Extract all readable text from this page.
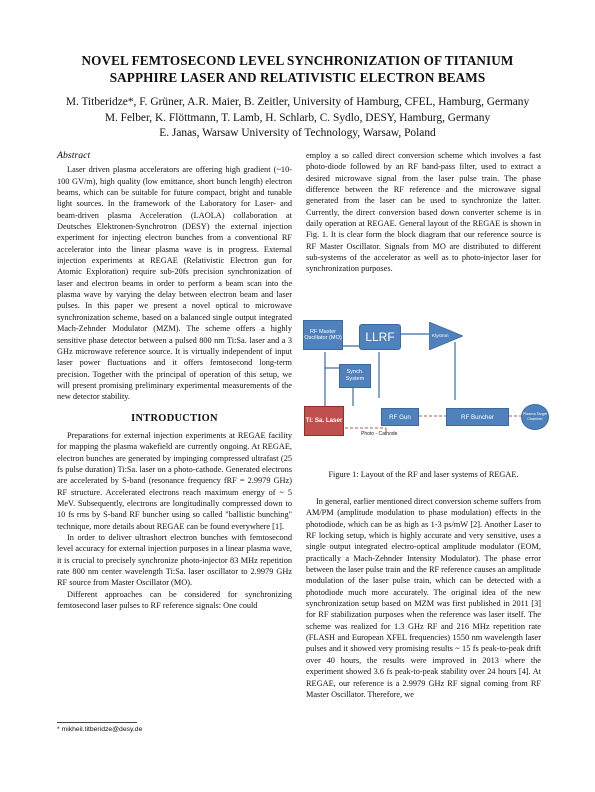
NOVEL FEMTOSECOND LEVEL SYNCHRONIZATION OF TITANIUM
SAPPHIRE LASER AND RELATIVISTIC ELECTRON BEAMS
M. Titberidze*, F. Grüner, A.R. Maier, B. Zeitler, University of Hamburg, CFEL, Hamburg, Germany
M. Felber, K. Flöttmann, T. Lamb, H. Schlarb, C. Sydlo, DESY, Hamburg, Germany
E. Janas, Warsaw University of Technology, Warsaw, Poland
Abstract

Laser driven plasma accelerators are offering high gradient (~10-100 GV/m), high quality (low emittance, short bunch length) electron beams, which can be suitable for future compact, bright and tunable light sources. In the framework of the Laboratory for Laser- and beam-driven plasma Acceleration (LAOLA) collaboration at Deutsches Elektronen-Synchrotron (DESY) the external injection experiment for injecting electron bunches from a conventional RF accelerator into the linear plasma wave is in progress. External injection experiments at REGAE (Relativistic Electron gun for Atomic Exploration) require sub-20fs precision synchronization of laser and electron beams in order to perform a beam scan into the plasma wave by varying the delay between electron beam and laser pulses. In this paper we present a novel optical to microwave synchronization scheme, based on a balanced single output integrated Mach-Zehnder Modulator (MZM). The scheme offers a highly sensitive phase detector between a pulsed 800 nm Ti:Sa. laser and a 3 GHz microwave reference source. It is virtually independent of input laser power fluctuations and it offers femtosecond long-term precision. Together with the principal of operation of this setup, we will present promising preliminary experimental measurements of the new detector stability.

INTRODUCTION

Preparations for external injection experiments at REGAE facility for mapping the plasma wakefield are currently ongoing. At REGAE, electron bunches are generated by impinging compressed ultrafast (25 fs pulse duration) Ti:Sa. laser on a photo-cathode. Generated electrons are accelerated by S-band (resonance frequency fRF = 2.9979 GHz) RF structure. Accelerated electrons reach maximum energy of ~ 5 MeV. Subsequently, electrons are longitudinally compressed down to 10 fs rms by S-band RF buncher using so called "ballistic bunching" technique, more details about REGAE can be found everywhere [1].

In order to deliver ultrashort electron bunches with femtosecond level accuracy for external injection purposes in a linear plasma wave, it is crucial to precisely synchronize photo-injector 83 MHz repetition rate 800 nm center wavelength Ti:Sa. laser oscillator to 2.9979 GHz RF source from Master Oscillator (MO).

Different approaches can be considered for synchronizing femtosecond laser pulses to RF reference signals: One could

* mikheil.titberidze@desy.de

employ a so called direct conversion scheme which involves a fast photo-diode followed by an RF band-pass filter, used to extract a desired microwave signal from the laser pulse train. The phase difference between the RF reference and the microwave signal generated from the laser can be used to synchronize the latter. Currently, the direct conversion based down converter scheme is in daily operation at REGAE. General layout of the REGAE is shown in Fig. 1. It is clear form the block diagram that our reference source is RF Master Oscillator. Signals from MO are distributed to different sub-systems of the accelerator as well as to photo-injector laser for synchronization purposes.

RF Master Oscillator (MO) LLRF	Klystron
Synch. System
Ti: Sa. Laser
RF Gun	RF Buncher	Plasma Target Chamber
Photo - Cathode
Figure 1: Layout of the RF and laser systems of REGAE.

In general, earlier mentioned direct conversion scheme suffers from AM/PM (amplitude modulation to phase modulation) effects in the photodiode, which can be as high as 1-3 ps/mW [2]. Another Laser to RF locking setup, which is highly accurate and very sensitive, uses a single output integrated electro-optical amplitude modulator (EOM, practically a Mach-Zehnder Intensity Modulator). The phase error between the laser pulse train and the RF reference causes an amplitude modulation of the laser pulse train, which can be detected with a photodiode much more accurately. The original idea of the new synchronization setup based on MZM was first published in 2011 [3] for RF stabilization purposes when the reference was laser itself. The scheme was realized for 1.3 GHz RF and 216 MHz repetition rate (FLASH and European XFEL frequencies) 1550 nm wavelength laser pulses and it showed very promising results ~ 15 fs peak-to-peak drift over 40 hours, the results were improved in 2013 where the experiment showed 3.6 fs peak-to-peak stability over 24 hours [4]. At REGAE, our reference is a 2.9979 GHz RF signal coming from RF Master Oscillator. Therefore, we
